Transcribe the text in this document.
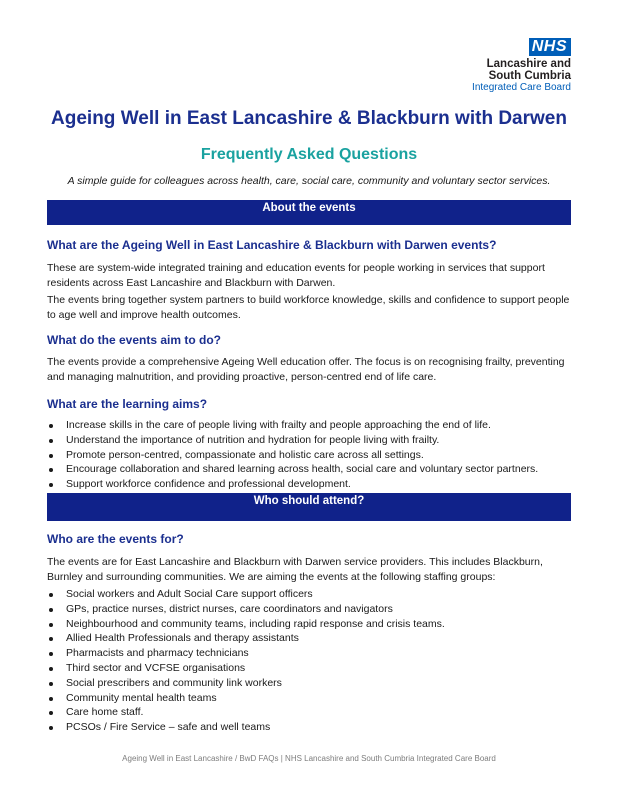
NHS
Lancashire and
South Cumbria
Integrated Care Board
Ageing Well in East Lancashire & Blackburn with Darwen
Frequently Asked Questions
A simple guide for colleagues across health, care, social care, community and voluntary sector services.
About the events
What are the Ageing Well in East Lancashire & Blackburn with Darwen events?
These are system-wide integrated training and education events for people working in services that support residents across East Lancashire and Blackburn with Darwen.
The events bring together system partners to build workforce knowledge, skills and confidence to support people to age well and improve health outcomes.
What do the events aim to do?
The events provide a comprehensive Ageing Well education offer. The focus is on recognising frailty, preventing and managing malnutrition, and providing proactive, person-centred end of life care.
What are the learning aims?
Increase skills in the care of people living with frailty and people approaching the end of life.
Understand the importance of nutrition and hydration for people living with frailty.
Promote person-centred, compassionate and holistic care across all settings.
Encourage collaboration and shared learning across health, social care and voluntary sector partners.
Support workforce confidence and professional development.
Who should attend?
Who are the events for?
The events are for East Lancashire and Blackburn with Darwen service providers. This includes Blackburn, Burnley and surrounding communities. We are aiming the events at the following staffing groups:
Social workers and Adult Social Care support officers
GPs, practice nurses, district nurses, care coordinators and navigators
Neighbourhood and community teams, including rapid response and crisis teams.
Allied Health Professionals and therapy assistants
Pharmacists and pharmacy technicians
Third sector and VCFSE organisations
Social prescribers and community link workers
Community mental health teams
Care home staff.
PCSOs / Fire Service – safe and well teams
Ageing Well in East Lancashire / BwD FAQs | NHS Lancashire and South Cumbria Integrated Care Board
